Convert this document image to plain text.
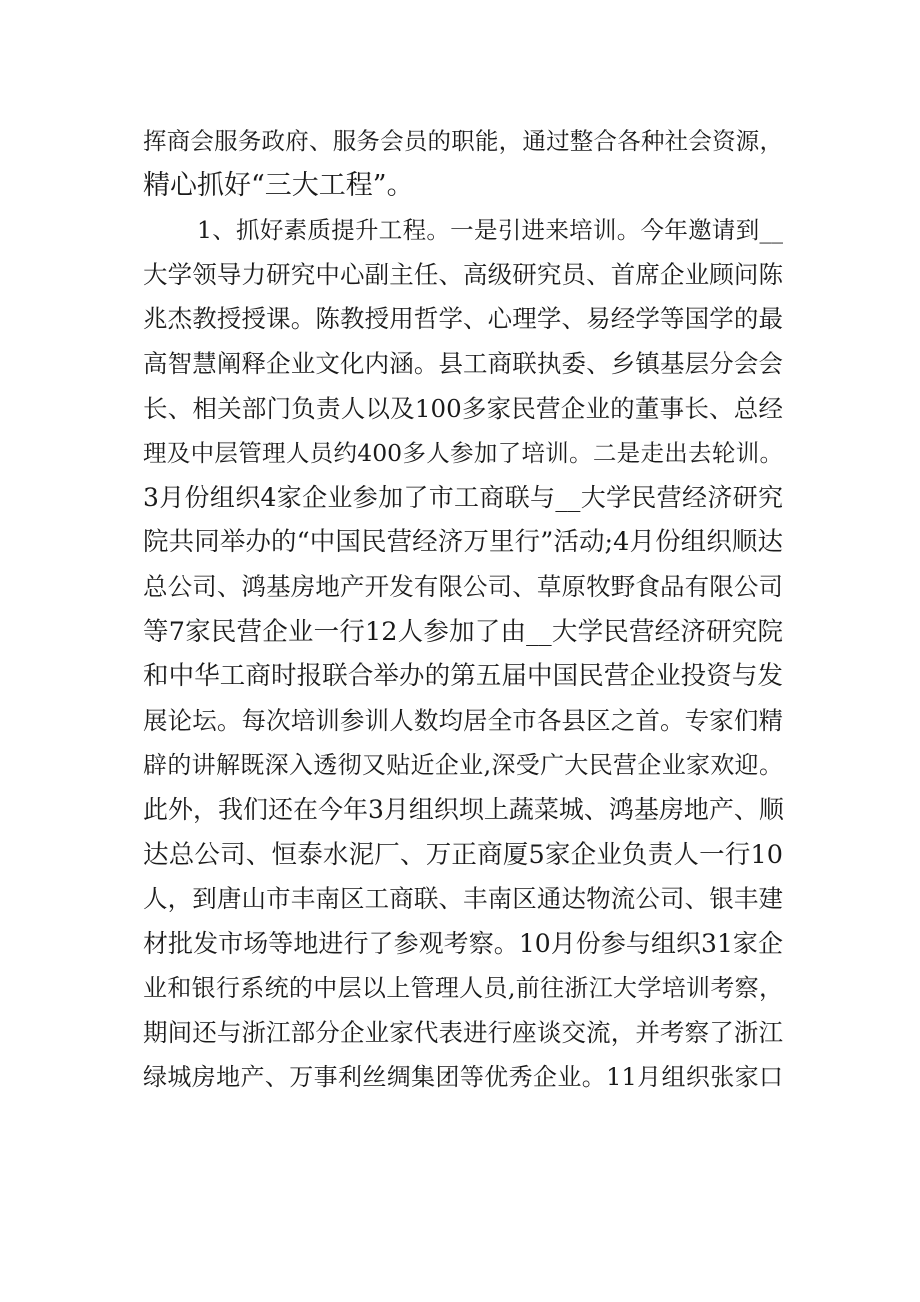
挥商会服务政府、服务会员的职能，通过整合各种社会资源，
精心抓好“三大工程”。
1、抓好素质提升工程。一是引进来培训。今年邀请到__
大学领导力研究中心副主任、高级研究员、首席企业顾问陈
兆杰教授授课。陈教授用哲学、心理学、易经学等国学的最
高智慧阐释企业文化内涵。县工商联执委、乡镇基层分会会
长、相关部门负责人以及100多家民营企业的董事长、总经
理及中层管理人员约400多人参加了培训。二是走出去轮训。
3月份组织4家企业参加了市工商联与__大学民营经济研究
院共同举办的“中国民营经济万里行”活动;4月份组织顺达
总公司、鸿基房地产开发有限公司、草原牧野食品有限公司
等7家民营企业一行12人参加了由__大学民营经济研究院
和中华工商时报联合举办的第五届中国民营企业投资与发
展论坛。每次培训参训人数均居全市各县区之首。专家们精
辟的讲解既深入透彻又贴近企业,深受广大民营企业家欢迎。
此外，我们还在今年3月组织坝上蔬菜城、鸿基房地产、顺
达总公司、恒泰水泥厂、万正商厦5家企业负责人一行10
人，到唐山市丰南区工商联、丰南区通达物流公司、银丰建
材批发市场等地进行了参观考察。10月份参与组织31家企
业和银行系统的中层以上管理人员,前往浙江大学培训考察，
期间还与浙江部分企业家代表进行座谈交流，并考察了浙江
绿城房地产、万事利丝绸集团等优秀企业。11月组织张家口
